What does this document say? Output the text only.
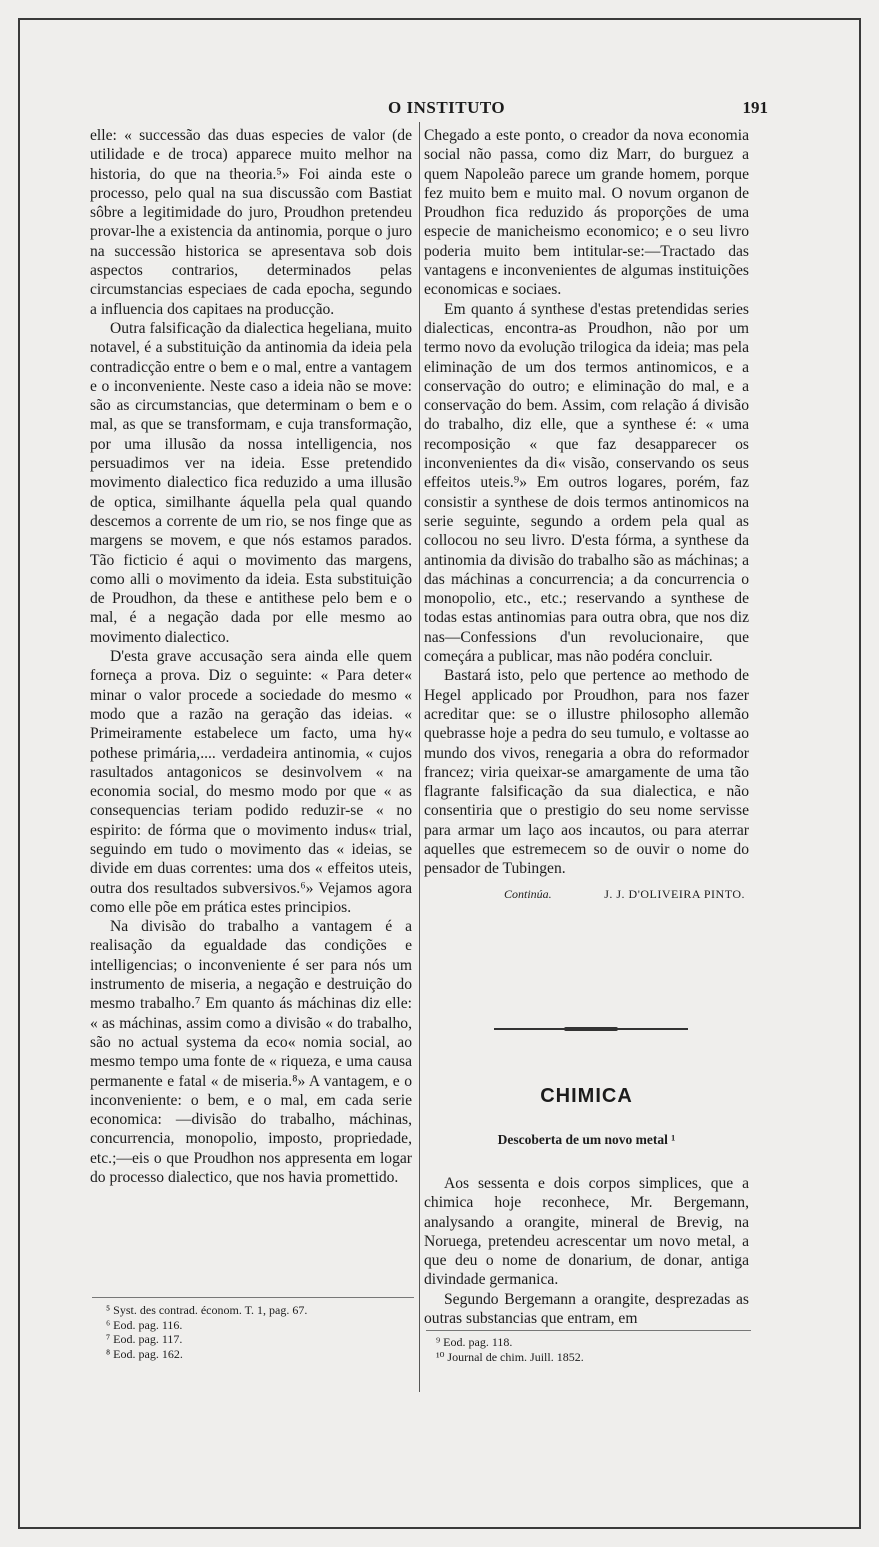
O INSTITUTO	191

elle: « successão das duas especies de valor (de utilidade e de troca) apparece muito melhor na historia, do que na theoria.⁵» Foi ainda este o processo, pelo qual na sua discussão com Bastiat sôbre a legitimidade do juro, Proudhon pretendeu provar-lhe a existencia da antinomia, porque o juro na successão historica se apresentava sob dois aspectos contrarios, determinados pelas circumstancias especiaes de cada epocha, segundo a influencia dos capitaes na producção.

Outra falsificação da dialectica hegeliana, muito notavel, é a substituição da antinomia da ideia pela contradicção entre o bem e o mal, entre a vantagem e o inconveniente. Neste caso a ideia não se move: são as circumstancias, que determinam o bem e o mal, as que se transformam, e cuja transformação, por uma illusão da nossa intelligencia, nos persuadimos ver na ideia. Esse pretendido movimento dialectico fica reduzido a uma illusão de optica, similhante áquella pela qual quando descemos a corrente de um rio, se nos finge que as margens se movem, e que nós estamos parados. Tão ficticio é aqui o movimento das margens, como alli o movimento da ideia. Esta substituição de Proudhon, da these e antithese pelo bem e o mal, é a negação dada por elle mesmo ao movimento dialectico.

D'esta grave accusação sera ainda elle quem forneça a prova. Diz o seguinte: « Para deter« minar o valor procede a sociedade do mesmo « modo que a razão na geração das ideias. « Primeiramente estabelece um facto, uma hy« pothese primária,.... verdadeira antinomia, « cujos rasultados antagonicos se desinvolvem « na economia social, do mesmo modo por que « as consequencias teriam podido reduzir-se « no espirito: de fórma que o movimento indus« trial, seguindo em tudo o movimento das « ideias, se divide em duas correntes: uma dos « effeitos uteis, outra dos resultados subversivos.⁶» Vejamos agora como elle põe em prática estes principios.

Na divisão do trabalho a vantagem é a realisação da egualdade das condições e intelligencias; o inconveniente é ser para nós um instrumento de miseria, a negação e destruição do mesmo trabalho.⁷ Em quanto ás máchinas diz elle: « as máchinas, assim como a divisão « do trabalho, são no actual systema da eco« nomia social, ao mesmo tempo uma fonte de « riqueza, e uma causa permanente e fatal « de miseria.⁸» A vantagem, e o inconveniente: o bem, e o mal, em cada serie economica: —divisão do trabalho, máchinas, concurrencia, monopolio, imposto, propriedade, etc.;—eis o que Proudhon nos appresenta em logar do processo dialectico, que nos havia promettido.

⁵ Syst. des contrad. économ. T. 1, pag. 67.
⁶ Eod. pag. 116.
⁷ Eod. pag. 117.
⁸ Eod. pag. 162.

Chegado a este ponto, o creador da nova economia social não passa, como diz Marr, do burguez a quem Napoleão parece um grande homem, porque fez muito bem e muito mal. O novum organon de Proudhon fica reduzido ás proporções de uma especie de manicheismo economico; e o seu livro poderia muito bem intitular-se:—Tractado das vantagens e inconvenientes de algumas instituições economicas e sociaes.

Em quanto á synthese d'estas pretendidas series dialecticas, encontra-as Proudhon, não por um termo novo da evolução trilogica da ideia; mas pela eliminação de um dos termos antinomicos, e a conservação do outro; e eliminação do mal, e a conservação do bem. Assim, com relação á divisão do trabalho, diz elle, que a synthese é: « uma recomposição « que faz desapparecer os inconvenientes da di« visão, conservando os seus effeitos uteis.⁹» Em outros logares, porém, faz consistir a synthese de dois termos antinomicos na serie seguinte, segundo a ordem pela qual as collocou no seu livro. D'esta fórma, a synthese da antinomia da divisão do trabalho são as máchinas; a das máchinas a concurrencia; a da concurrencia o monopolio, etc., etc.; reservando a synthese de todas estas antinomias para outra obra, que nos diz nas—Confessions d'un revolucionaire, que começára a publicar, mas não podéra concluir.

Bastará isto, pelo que pertence ao methodo de Hegel applicado por Proudhon, para nos fazer acreditar que: se o illustre philosopho allemão quebrasse hoje a pedra do seu tumulo, e voltasse ao mundo dos vivos, renegaria a obra do reformador francez; viria queixar-se amargamente de uma tão flagrante falsificação da sua dialectica, e não consentiria que o prestigio do seu nome servisse para armar um laço aos incautos, ou para aterrar aquelles que estremecem so de ouvir o nome do pensador de Tubingen.

Continúa.	J. J. D'OLIVEIRA PINTO.
CHIMICA
Descoberta de um novo metal ¹

Aos sessenta e dois corpos simplices, que a chimica hoje reconhece, Mr. Bergemann, analysando a orangite, mineral de Brevig, na Noruega, pretendeu acrescentar um novo metal, a que deu o nome de donarium, de donar, antiga divindade germanica.

Segundo Bergemann a orangite, desprezadas as outras substancias que entram, em

⁹ Eod. pag. 118.
¹⁰ Journal de chim. Juill. 1852.
